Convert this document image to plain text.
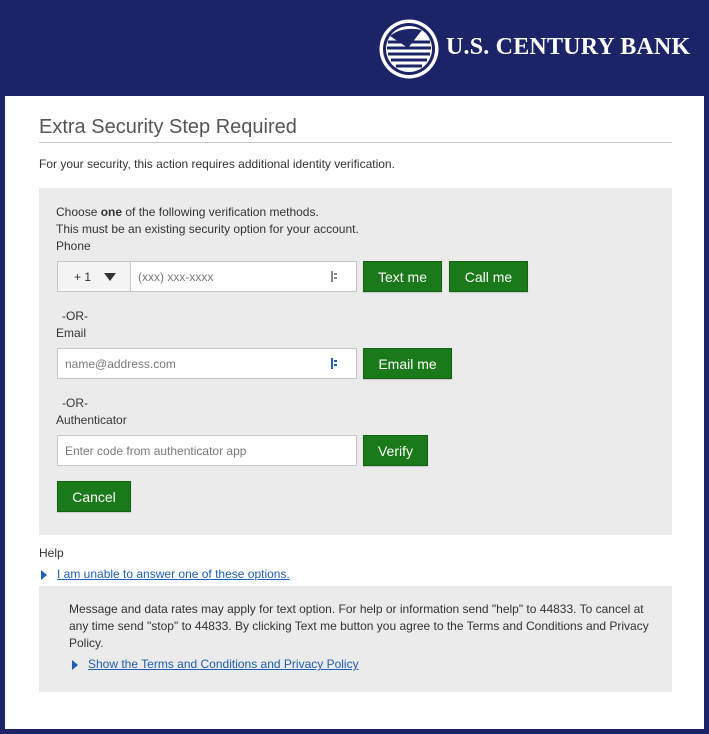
U.S. CENTURY BANK
Extra Security Step Required
For your security, this action requires additional identity verification.
Choose one of the following verification methods.
This must be an existing security option for your account.
Phone
+ 1	(xxx) xxx-xxxx	Text me	Call me
-OR-
Email
name@address.com	Email me
-OR-
Authenticator
Enter code from authenticator app	Verify
Cancel
Help
I am unable to answer one of these options.
Message and data rates may apply for text option. For help or information send "help" to 44833. To cancel at any time send "stop" to 44833. By clicking Text me button you agree to the Terms and Conditions and Privacy Policy.
Show the Terms and Conditions and Privacy Policy
